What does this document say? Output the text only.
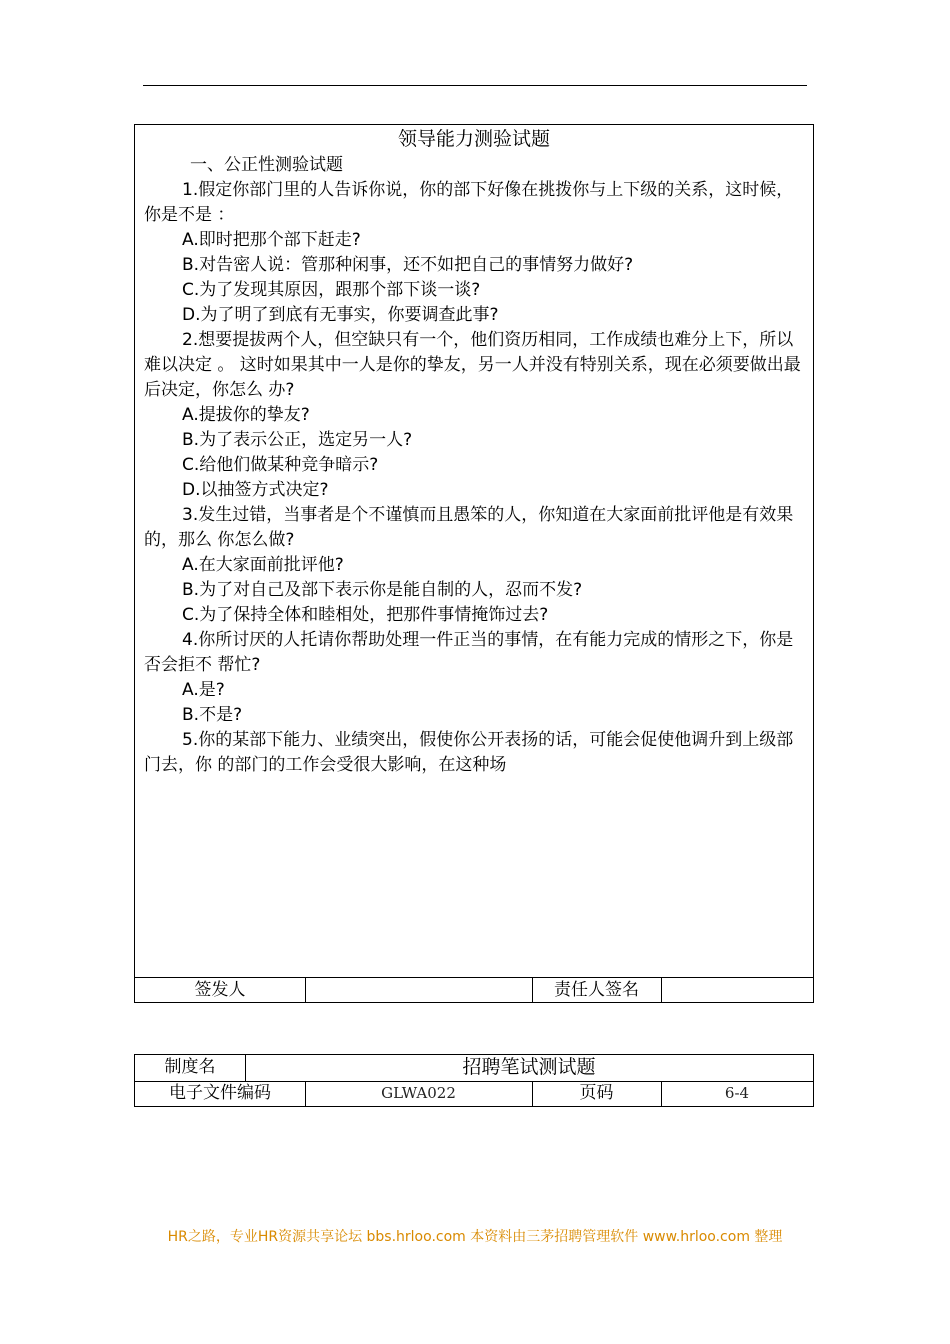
领导能力测验试题

一、公正性测验试题

1.假定你部门里的人告诉你说，你的部下好像在挑拨你与上下级的关系，这时候，你是不是 ：

A.即时把那个部下赶走?

B.对告密人说：管那种闲事，还不如把自己的事情努力做好?

C.为了发现其原因，跟那个部下谈一谈?

D.为了明了到底有无事实，你要调查此事?

2.想要提拔两个人，但空缺只有一个，他们资历相同，工作成绩也难分上下，所以难以决定 。 这时如果其中一人是你的挚友，另一人并没有特别关系，现在必须要做出最后决定，你怎么 办?

A.提拔你的挚友?

B.为了表示公正，选定另一人?

C.给他们做某种竞争暗示?

D.以抽签方式决定?

3.发生过错，当事者是个不谨慎而且愚笨的人，你知道在大家面前批评他是有效果的，那么 你怎么做?

A.在大家面前批评他?

B.为了对自己及部下表示你是能自制的人，忍而不发?

C.为了保持全体和睦相处，把那件事情掩饰过去?

4.你所讨厌的人托请你帮助处理一件正当的事情，在有能力完成的情形之下，你是否会拒不 帮忙?

A.是?

B.不是?

5.你的某部下能力、业绩突出，假使你公开表扬的话，可能会促使他调升到上级部门去，你 的部门的工作会受很大影响，在这种场

签发人	责任人签名
制度名	招聘笔试测试题
电子文件编码	GLWA022	页码	6-4
HR之路，专业HR资源共享论坛 bbs.hrloo.com 本资料由三茅招聘管理软件 www.hrloo.com 整理
